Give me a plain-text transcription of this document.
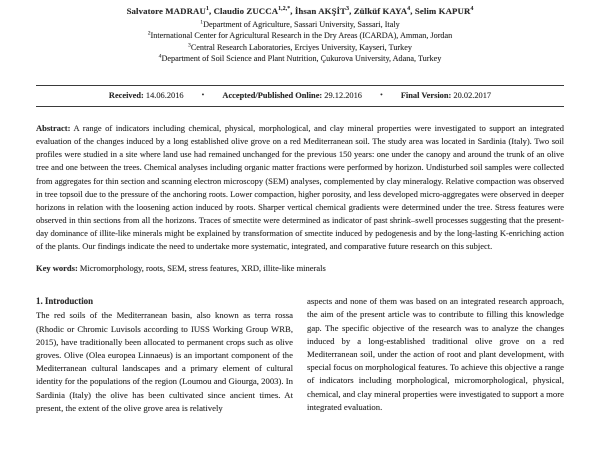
Salvatore MADRAU$^1$, Claudio $ZUCCA^{1,2,*}$, İhsan AKŞİT$^3$, Zülküf KAYA$^4$, Selim KAPUR$^4$
$^1$Department of Agriculture, Sassari University, Sassari, Italy
$^2$International Center for Agricultural Research in the Dry Areas (ICARDA), Amman, Jordan
$^3$Central Research Laboratories, Erciyes University, Kayseri, Turkey
$^4$Department of Soil Science and Plant Nutrition, Çukurova University, Adana, Turkey
Received: 14.06.2016 • Accepted/Published Online: 29.12.2016 • Final Version: 20.02.2017

Abstract: A range of indicators including chemical, physical, morphological, and clay mineral properties were investigated to support an integrated evaluation of the changes induced by a long established olive grove on a red Mediterranean soil. The study area was located in Sardinia (Italy). Two soil profiles were studied in a site where land use had remained unchanged for the previous 150 years: one under the canopy and around the trunk of an olive tree and one between the trees. Chemical analyses including organic matter fractions were performed by horizon. Undisturbed soil samples were collected from aggregates for thin section and scanning electron microscopy (SEM) analyses, complemented by clay mineralogy. Relative compaction was observed in tree topsoil due to the pressure of the anchoring roots. Lower compaction, higher porosity, and less developed micro-aggregates were observed in deeper horizons in relation with the loosening action induced by roots. Sharper vertical chemical gradients were determined under the tree. Stress features were observed in thin sections from all the horizons. Traces of smectite were determined as indicator of past shrink–swell processes suggesting that the present-day dominance of illite-like minerals might be explained by transformation of smectite induced by pedogenesis and by the long-lasting K-enriching action of the plants. Our findings indicate the need to undertake more systematic, integrated, and comparative future research on this subject.

Key words: Micromorphology, roots, SEM, stress features, XRD, illite-like minerals

1. Introduction

The red soils of the Mediterranean basin, also known as terra rossa (Rhodic or Chromic Luvisols according to IUSS Working Group WRB, 2015), have traditionally been allocated to permanent crops such as olive groves. Olive (Olea europea Linnaeus) is an important component of the Mediterranean cultural landscapes and a primary element of cultural identity for the populations of the region (Loumou and Giourga, 2003). In Sardinia (Italy) the olive has been cultivated since ancient times. At present, the extent of the olive grove area is relatively

aspects and none of them was based on an integrated research approach, the aim of the present article was to contribute to filling this knowledge gap. The specific objective of the research was to analyze the changes induced by a long-established traditional olive grove on a red Mediterranean soil, under the action of root and plant development, with special focus on morphological features. To achieve this objective a range of indicators including morphological, micromorphological, physical, chemical, and clay mineral properties were investigated to support a more integrated evaluation.
